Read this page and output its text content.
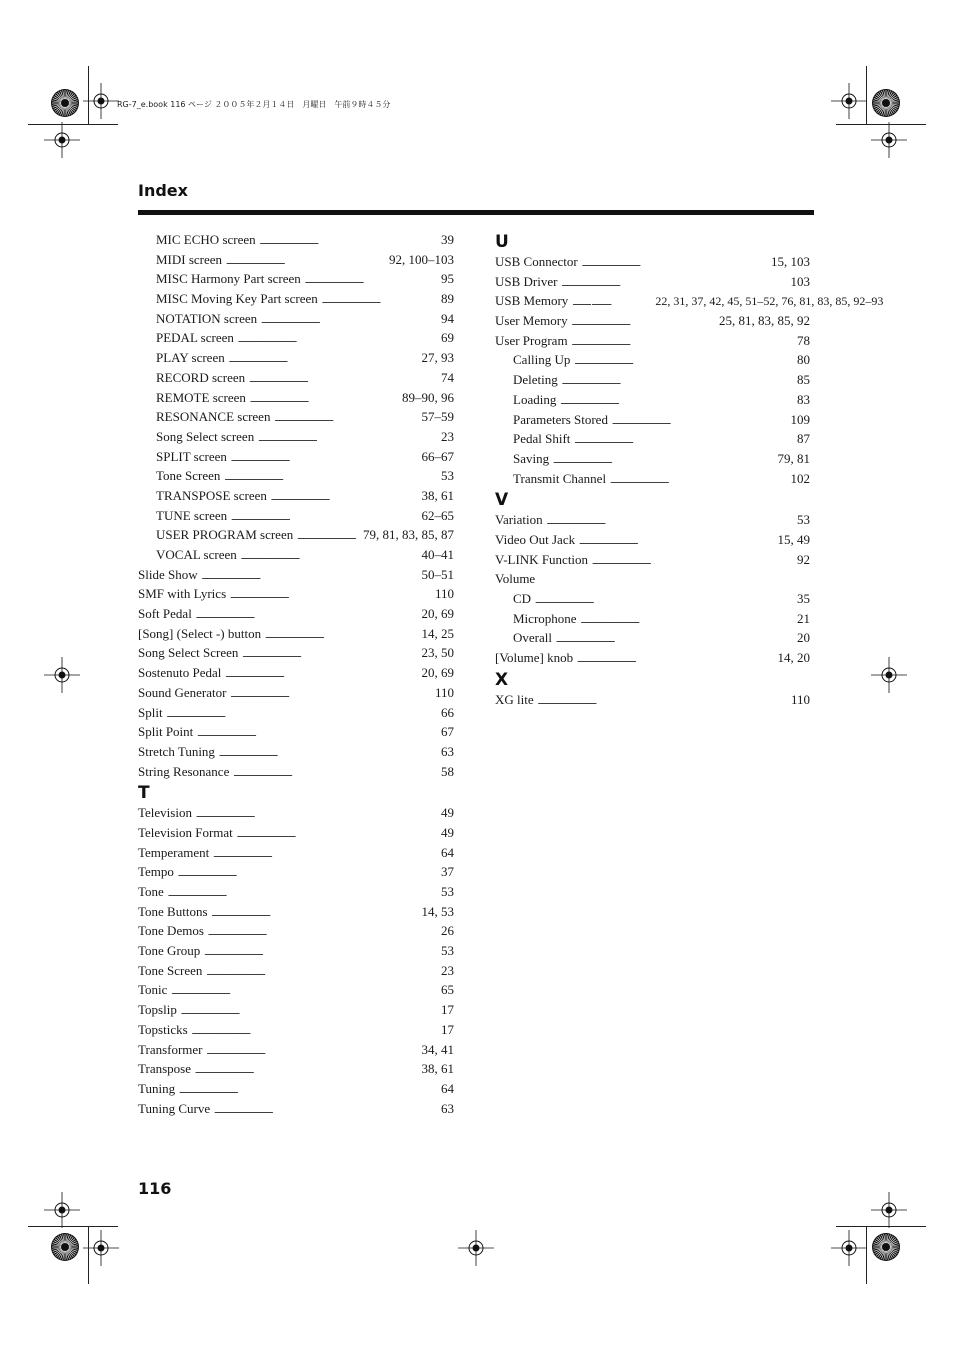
RG-7_e.book 116 ページ ２００５年２月１４日　月曜日　午前９時４５分
Index
MIC ECHO screen . . .	39
MIDI screen . . .	92, 100–103
MISC Harmony Part screen . . .	95
MISC Moving Key Part screen . . .	89
NOTATION screen . . .	94
PEDAL screen . . .	69
PLAY screen . . .	27, 93
RECORD screen . . .	74
REMOTE screen . . .	89–90, 96
RESONANCE screen . . .	57–59
Song Select screen . . .	23
SPLIT screen . . .	66–67
Tone Screen . . .	53
TRANSPOSE screen . . .	38, 61
TUNE screen . . .	62–65
USER PROGRAM screen . . .	79, 81, 83, 85, 87
VOCAL screen . . .	40–41
Slide Show . . .	50–51
SMF with Lyrics . . .	110
Soft Pedal . . .	20, 69
[Song] (Select -) button . . .	14, 25
Song Select Screen . . .	23, 50
Sostenuto Pedal . . .	20, 69
Sound Generator . . .	110
Split . . .	66
Split Point . . .	67
Stretch Tuning . . .	63
String Resonance . . .	58
T
Television . . .	49
Television Format . . .	49
Temperament . . .	64
Tempo . . .	37
Tone . . .	53
Tone Buttons . . .	14, 53
Tone Demos . . .	26
Tone Group . . .	53
Tone Screen . . .	23
Tonic . . .	65
Topslip . . .	17
Topsticks . . .	17
Transformer . . .	34, 41
Transpose . . .	38, 61
Tuning . . .	64
Tuning Curve . . .	63
U
USB Connector . . .	15, 103
USB Driver . . .	103
USB Memory . . . . . .	22, 31, 37, 42, 45, 51–52, 76, 81, 83, 85, 92–93
User Memory . . .	25, 81, 83, 85, 92
User Program . . .	78
Calling Up . . .	80
Deleting . . .	85
Loading . . .	83
Parameters Stored . . .	109
Pedal Shift . . .	87
Saving . . .	79, 81
Transmit Channel . . .	102
V
Variation . . .	53
Video Out Jack . . .	15, 49
V-LINK Function . . .	92
Volume
CD . . .	35
Microphone . . .	21
Overall . . .	20
[Volume] knob . . .	14, 20
X
XG lite . . .	110
116
